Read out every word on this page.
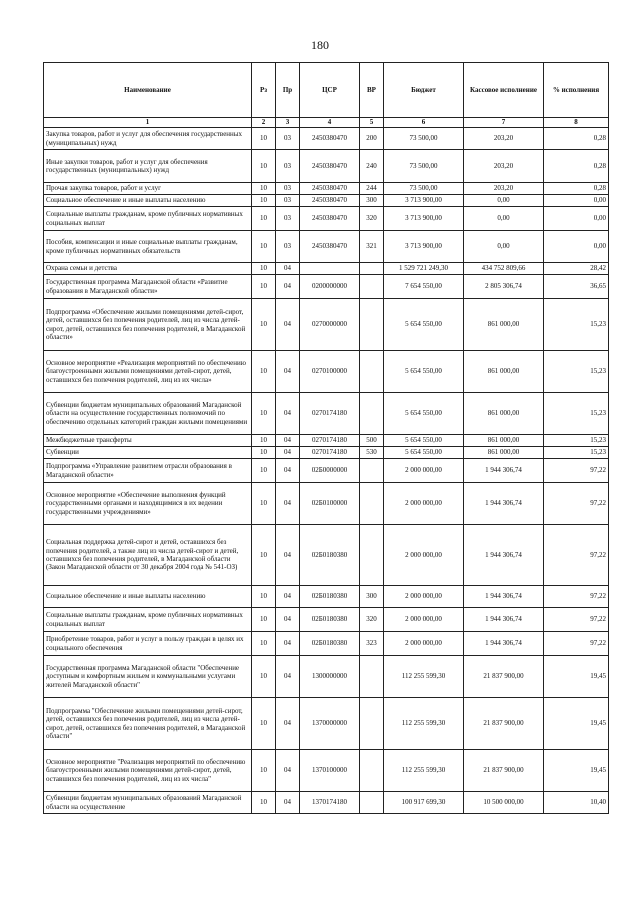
180
Наименование	Рз	Пр	ЦСР	ВР	Бюджет	Кассовое исполнение	% исполнения
1	2	3	4	5	6	7	8
Закупка товаров, работ и услуг для обеспечения государственных (муниципальных) нужд	10	03	2450380470	200	73 500,00	203,20	0,28
Иные закупки товаров, работ и услуг для обеспечения государственных (муниципальных) нужд	10	03	2450380470	240	73 500,00	203,20	0,28
Прочая закупка товаров, работ и услуг	10	03	2450380470	244	73 500,00	203,20	0,28
Социальное обеспечение и иные выплаты населению	10	03	2450380470	300	3 713 900,00	0,00	0,00
Социальные выплаты гражданам, кроме публичных нормативных социальных выплат	10	03	2450380470	320	3 713 900,00	0,00	0,00
Пособия, компенсации и иные социальные выплаты гражданам, кроме публичных нормативных обязательств	10	03	2450380470	321	3 713 900,00	0,00	0,00
Охрана семьи и детства	10	04			1 529 721 249,30	434 752 809,66	28,42
Государственная программа Магаданской области «Развитие образования в Магаданской области»	10	04	0200000000		7 654 550,00	2 805 306,74	36,65
Подпрограмма «Обеспечение жилыми помещениями детей-сирот, детей, оставшихся без попечения родителей, лиц из числа детей-сирот, детей, оставшихся без попечения родителей, в Магаданской области»	10	04	0270000000		5 654 550,00	861 000,00	15,23
Основное мероприятие «Реализация мероприятий по обеспечению благоустроенными жилыми помещениями детей-сирот, детей, оставшихся без попечения родителей, лиц из их числа»	10	04	0270100000		5 654 550,00	861 000,00	15,23
Субвенции бюджетам муниципальных образований Магаданской области на осуществление государственных полномочий по обеспечению отдельных категорий граждан жилыми помещениями	10	04	0270174180		5 654 550,00	861 000,00	15,23
Межбюджетные трансферты	10	04	0270174180	500	5 654 550,00	861 000,00	15,23
Субвенции	10	04	0270174180	530	5 654 550,00	861 000,00	15,23
Подпрограмма «Управление развитием отрасли образования в Магаданской области»	10	04	02Б0000000		2 000 000,00	1 944 306,74	97,22
Основное мероприятие «Обеспечение выполнения функций государственными органами и находящимися в их ведении государственными учреждениями»	10	04	02Б0100000		2 000 000,00	1 944 306,74	97,22
Социальная поддержка детей-сирот и детей, оставшихся без попечения родителей, а также лиц из числа детей-сирот и детей, оставшихся без попечения родителей, в Магаданской области (Закон Магаданской области от 30 декабря 2004 года № 541-ОЗ)	10	04	02Б0180380		2 000 000,00	1 944 306,74	97,22
Социальное обеспечение и иные выплаты населению	10	04	02Б0180380	300	2 000 000,00	1 944 306,74	97,22
Социальные выплаты гражданам, кроме публичных нормативных социальных выплат	10	04	02Б0180380	320	2 000 000,00	1 944 306,74	97,22
Приобретение товаров, работ и услуг в пользу граждан в целях их социального обеспечения	10	04	02Б0180380	323	2 000 000,00	1 944 306,74	97,22
Государственная программа Магаданской области "Обеспечение доступным и комфортным жильем и коммунальными услугами жителей Магаданской области"	10	04	1300000000		112 255 599,30	21 837 900,00	19,45
Подпрограмма "Обеспечение жилыми помещениями детей-сирот, детей, оставшихся без попечения родителей, лиц из числа детей-сирот, детей, оставшихся без попечения родителей, в Магаданской области"	10	04	1370000000		112 255 599,30	21 837 900,00	19,45
Основное мероприятие "Реализация мероприятий по обеспечению благоустроенными жилыми помещениями детей-сирот, детей, оставшихся без попечения родителей, лиц из их числа"	10	04	1370100000		112 255 599,30	21 837 900,00	19,45
Субвенции бюджетам муниципальных образований Магаданской области на осуществление	10	04	1370174180		100 917 699,30	10 500 000,00	10,40
